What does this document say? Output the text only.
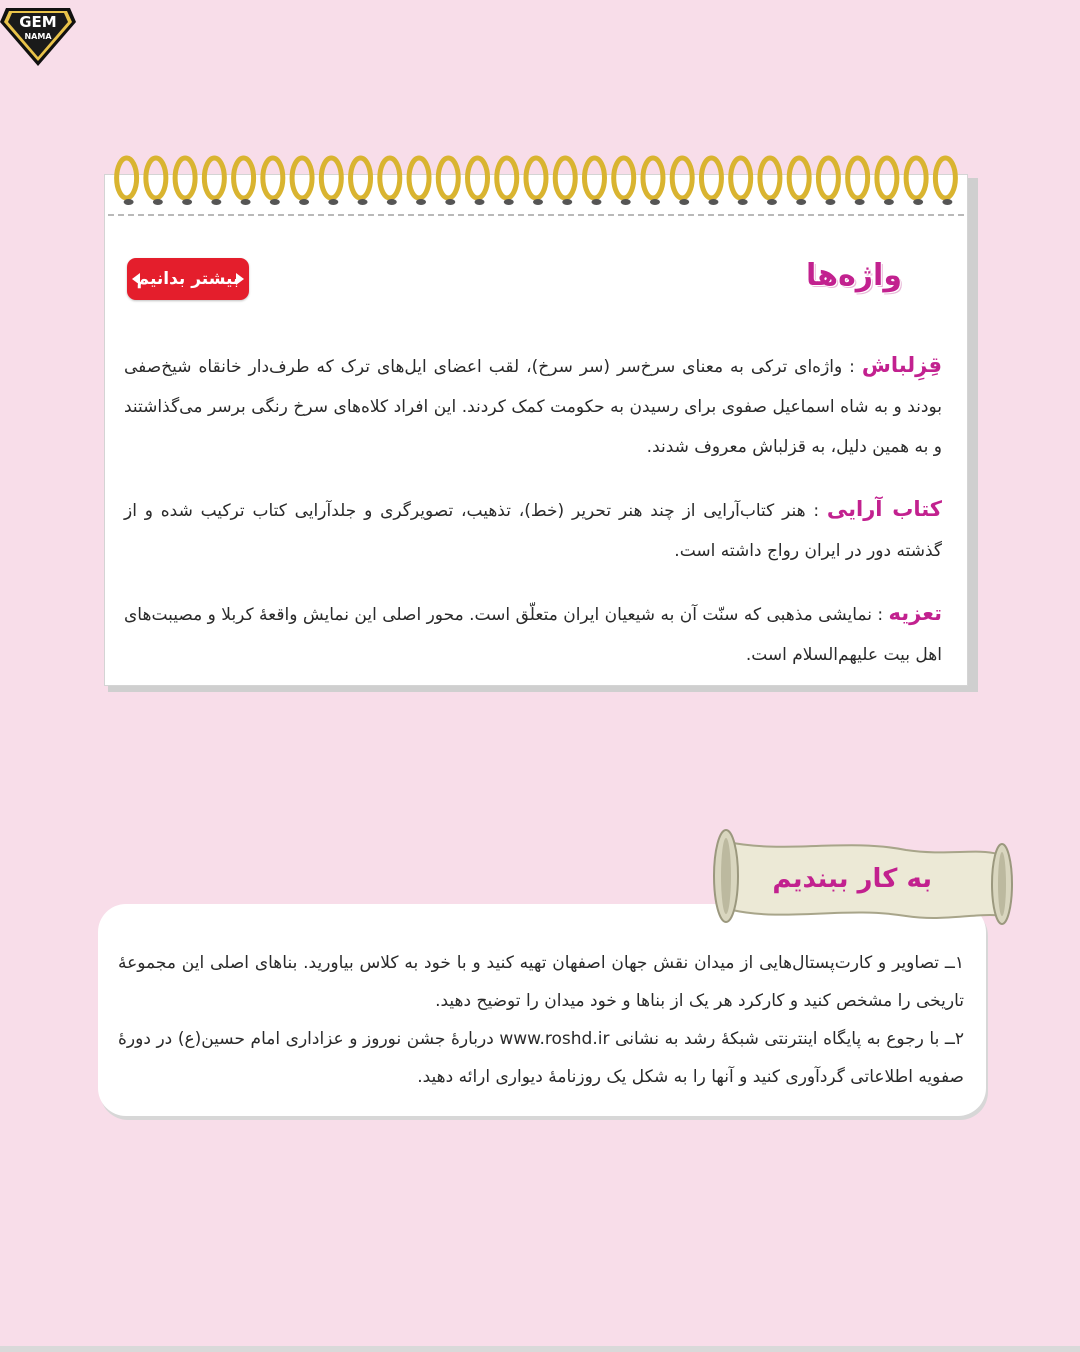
GEM
NAMA
بیشتر بدانیم	واژه‌ها
قِزِلباش : واژه‌ای ترکی به معنای سرخ‌سر (سر سرخ)، لقب اعضای ایل‌های ترک که طرف‌دار خانقاه شیخ‌صفی بودند و به شاه اسماعیل صفوی برای رسیدن به حکومت کمک کردند. این افراد کلاه‌های سرخ رنگی برسر می‌گذاشتند و به همین دلیل، به قزلباش معروف شدند.
کتاب آرایی : هنر کتاب‌آرایی از چند هنر تحریر (خط)، تذهیب، تصویرگری و جلدآرایی کتاب ترکیب شده و از گذشته دور در ایران رواج داشته است.
تعزیه : نمایشی مذهبی که سنّت آن به شیعیان ایران متعلّق است. محور اصلی این نمایش واقعهٔ کربلا و مصیبت‌های اهل بیت علیهم‌السلام است.
به کار ببندیم

۱ــ تصاویر و کارت‌پستال‌هایی از میدان نقش جهان اصفهان تهیه کنید و با خود به کلاس بیاورید. بناهای اصلی این مجموعهٔ تاریخی را مشخص کنید و کارکرد هر یک از بناها و خود میدان را توضیح دهید.

۲ــ با رجوع به پایگاه اینترنتی شبکهٔ رشد به نشانی www.roshd.ir دربارهٔ جشن نوروز و عزاداری امام حسین(ع) در دورهٔ صفویه اطلاعاتی گردآوری کنید و آنها را به شکل یک روزنامهٔ دیواری ارائه دهید.
